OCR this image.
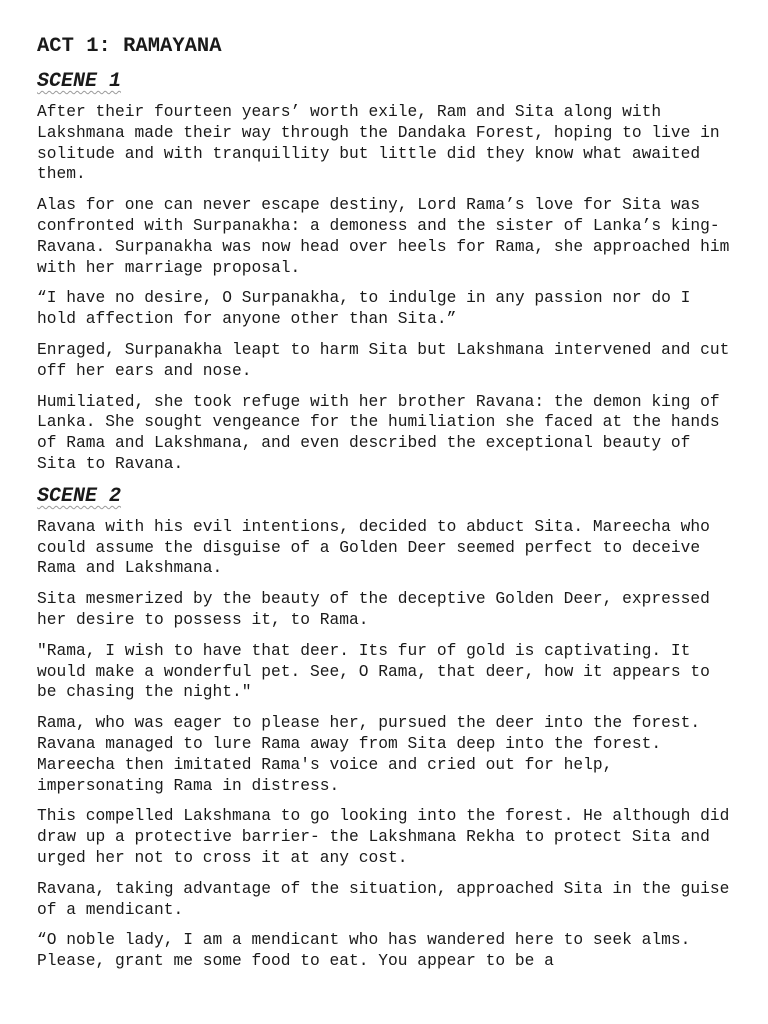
ACT 1: RAMAYANA
SCENE 1

After their fourteen years’ worth exile, Ram and Sita along with Lakshmana made their way through the Dandaka Forest, hoping to live in solitude and with tranquillity but little did they know what awaited them.

Alas for one can never escape destiny, Lord Rama’s love for Sita was confronted with Surpanakha: a demoness and the sister of Lanka’s king- Ravana. Surpanakha was now head over heels for Rama, she approached him with her marriage proposal.

“I have no desire, O Surpanakha, to indulge in any passion nor do I hold affection for anyone other than Sita.”

Enraged, Surpanakha leapt to harm Sita but Lakshmana intervened and cut off her ears and nose.

Humiliated, she took refuge with her brother Ravana: the demon king of Lanka. She sought vengeance for the humiliation she faced at the hands of Rama and Lakshmana, and even described the exceptional beauty of Sita to Ravana.

SCENE 2

Ravana with his evil intentions, decided to abduct Sita. Mareecha who could assume the disguise of a Golden Deer seemed perfect to deceive Rama and Lakshmana.

Sita mesmerized by the beauty of the deceptive Golden Deer, expressed her desire to possess it, to Rama.

"Rama, I wish to have that deer. Its fur of gold is captivating. It would make a wonderful pet. See, O Rama, that deer, how it appears to be chasing the night."

Rama, who was eager to please her, pursued the deer into the forest. Ravana managed to lure Rama away from Sita deep into the forest. Mareecha then imitated Rama's voice and cried out for help, impersonating Rama in distress.

This compelled Lakshmana to go looking into the forest. He although did draw up a protective barrier- the Lakshmana Rekha to protect Sita and urged her not to cross it at any cost.

Ravana, taking advantage of the situation, approached Sita in the guise of a mendicant.

“O noble lady, I am a mendicant who has wandered here to seek alms. Please, grant me some food to eat. You appear to be a
